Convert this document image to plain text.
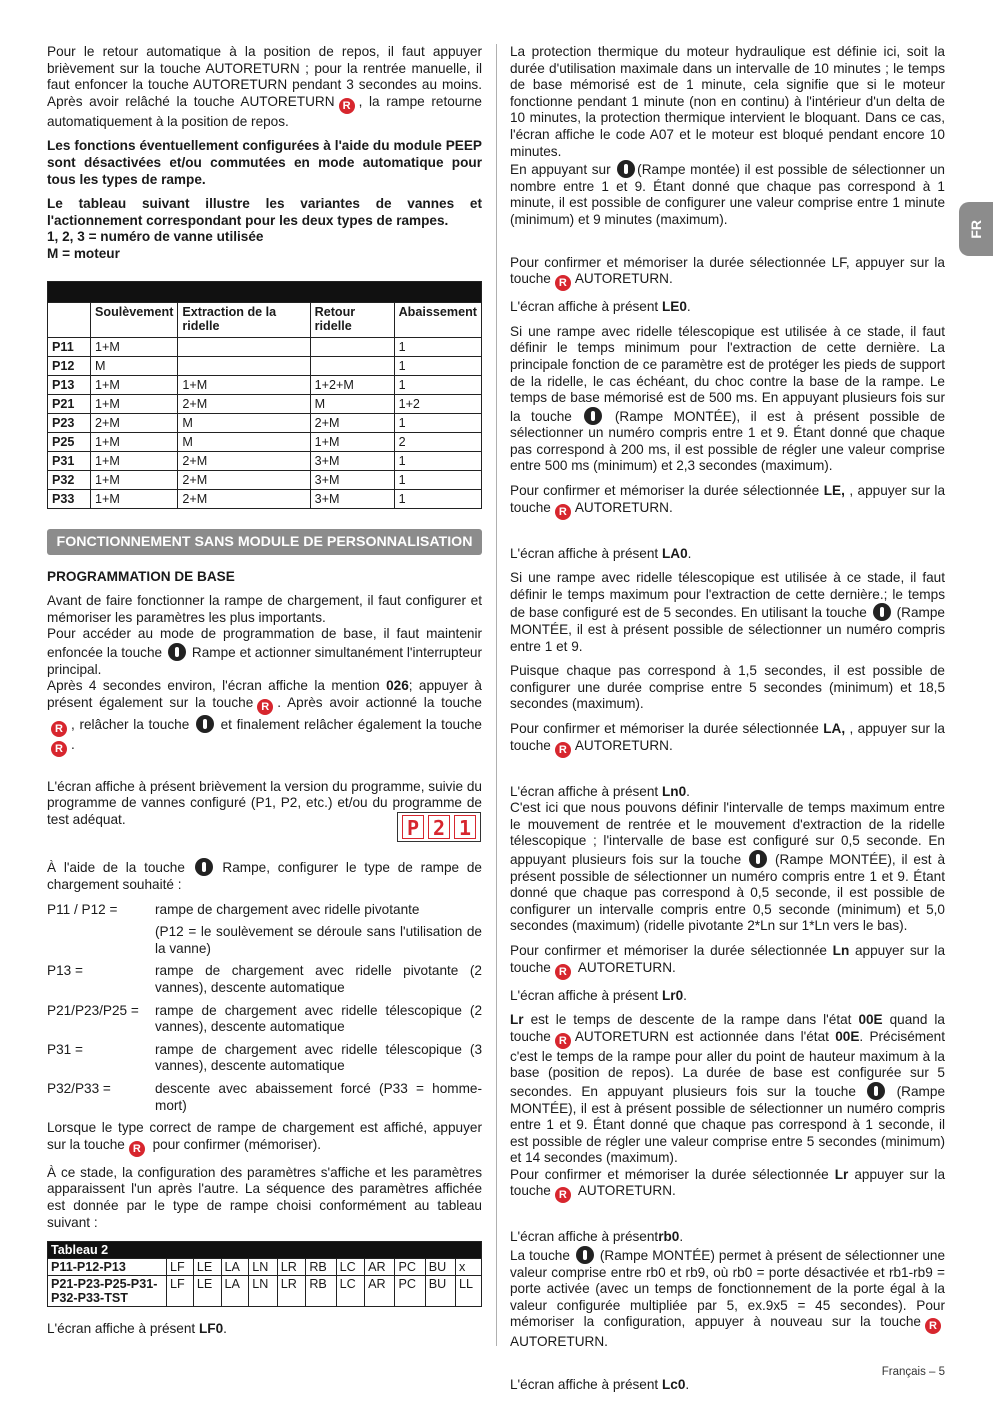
FR

Pour le retour automatique à la position de repos, il faut appuyer brièvement sur la touche AUTORETURN ; pour la rentrée manuelle, il faut enfoncer la touche AUTORETURN pendant 3 secondes au moins. Après avoir relâché la touche AUTORETURN R , la rampe retourne automatiquement à la position de repos.

Les fonctions éventuellement configurées à l'aide du module PEEP sont désactivées et/ou commutées en mode automatique pour tous les types de rampe.

Le tableau suivant illustre les variantes de vannes et l'actionnement correspondant pour les deux types de rampes.
1, 2, 3 = numéro de vanne utilisée
M = moteur

	Soulèvement	Extraction de la ridelle	Retour ridelle	Abaissement
P11	1+M			1
P12	M			1
P13	1+M	1+M	1+2+M	1
P21	1+M	2+M	M	1+2
P23	2+M	M	2+M	1
P25	1+M	M	1+M	2
P31	1+M	2+M	3+M	1
P32	1+M	2+M	3+M	1
P33	1+M	2+M	3+M	1
FONCTIONNEMENT SANS MODULE DE PERSONNALISATION
PROGRAMMATION DE BASE

Avant de faire fonctionner la rampe de chargement, il faut configurer et mémoriser les paramètres les plus importants.

Pour accéder au mode de programmation de base, il faut maintenir enfoncée la touche Rampe et actionner simultanément l'interrupteur principal.

Après 4 secondes environ, l'écran affiche la mention 026; appuyer à présent également sur la touche R . Après avoir actionné la touche R , relâcher la touche et finalement relâcher également la toucheR .

L'écran affiche à présent brièvement la version du programme, suivie du programme de vannes configuré (P1, P2, etc.) et/ou du programme de test adéquat.

À l'aide de la touche	Rampe, configurer le type de rampe de chargement souhaité :

P11 / P12 =	rampe de chargement avec ridelle pivotante
(P12 = le soulèvement se déroule sans l'utilisation de la vanne)
P13 =	rampe de chargement avec ridelle pivotante (2 vannes), descente automatique
P21/P23/P25 =	rampe de chargement avec ridelle télescopique (2 vannes), descente automatique
P31 =	rampe de chargement avec ridelle télescopique (3 vannes), descente automatique
P32/P33 =	descente avec abaissement forcé (P33 = homme-mort)

Lorsque le type correct de rampe de chargement est affiché, appuyer sur la touche R pour confirmer (mémoriser).

À ce stade, la configuration des paramètres s'affiche et les paramètres apparaissent l'un après l'autre. La séquence des paramètres affichée est donnée par le type de rampe choisi conformément au tableau suivant :

Tableau 2											
P11-P12-P13	LF	LE	LA	LN	LR	RB	LC	AR	PC	BU	x
P21-P23-P25-P31-P32-P33-TST	LF	LE	LA	LN	LR	RB	LC	AR	PC	BU	LL

L'écran affiche à présent LF0.

P 2 1

La protection thermique du moteur hydraulique est définie ici, soit la durée d'utilisation maximale dans un intervalle de 10 minutes ; le temps de base mémorisé est de 1 minute, cela signifie que si le moteur fonctionne pendant 1 minute (non en continu) à l'intérieur d'un delta de 10 minutes, la protection thermique intervient le bloquant. Dans ce cas, l'écran affiche le code A07 et le moteur est bloqué pendant encore 10 minutes.

En appuyant sur (Rampe montée) il est possible de sélectionner un nombre entre 1 et 9. Étant donné que chaque pas correspond à 1 minute, il est possible de configurer une valeur comprise entre 1 minute (minimum) et 9 minutes (maximum).

Pour confirmer et mémoriser la durée sélectionnée LF, appuyer sur la touche R AUTORETURN.

L'écran affiche à présent LE0.

Si une rampe avec ridelle télescopique est utilisée à ce stade, il faut définir le temps minimum pour l'extraction de cette dernière. La principale fonction de ce paramètre est de protéger les pieds de support de la ridelle, le cas échéant, du choc contre la base de la rampe. Le temps de base mémorisé est de 500 ms. En appuyant plusieurs fois sur la touche	(Rampe MONTÉE), il est à présent possible de sélectionner un numéro compris entre 1 et 9. Étant donné que chaque pas correspond à 200 ms, il est possible de régler une valeur comprise entre 500 ms (minimum) et 2,3 secondes (maximum).

Pour confirmer et mémoriser la durée sélectionnée LE, , appuyer sur la touche R AUTORETURN.

L'écran affiche à présent LA0.

Si une rampe avec ridelle télescopique est utilisée à ce stade, il faut définir le temps maximum pour l'extraction de cette dernière.; le temps de base configuré est de 5 secondes. En utilisant la touche (Rampe MONTÉE, il est à présent possible de sélectionner un numéro compris entre 1 et 9.

Puisque chaque pas correspond à 1,5 secondes, il est possible de configurer une durée comprise entre 5 secondes (minimum) et 18,5 secondes (maximum).

Pour confirmer et mémoriser la durée sélectionnée LA, , appuyer sur la touche R AUTORETURN.

L'écran affiche à présent Ln0.

C'est ici que nous pouvons définir l'intervalle de temps maximum entre le mouvement de rentrée et le mouvement d'extraction de la ridelle télescopique ; l'intervalle de base est configuré sur 0,5 seconde. En appuyant plusieurs fois sur la touche (Rampe MONTÉE), il est à présent possible de sélectionner un numéro compris entre 1 et 9. Étant donné que chaque pas correspond à 0,5 seconde, il est possible de configurer un intervalle compris entre 0,5 seconde (minimum) et 5,0 secondes (maximum) (ridelle pivotante 2*Ln sur 1*Ln vers le bas).

Pour confirmer et mémoriser la durée sélectionnée Ln appuyer sur la touche R AUTORETURN.

L'écran affiche à présent Lr0.

Lr est le temps de descente de la rampe dans l'état 00E quand la touche R AUTORETURN est actionnée dans l'état 00E. Précisément c'est le temps de la rampe pour aller du point de hauteur maximum à la base (position de repos). La durée de base est configurée sur 5 secondes. En appuyant plusieurs fois sur la touche	(Rampe MONTÉE), il est à présent possible de sélectionner un numéro compris entre 1 et 9. Étant donné que chaque pas correspond à 1 seconde, il est possible de régler une valeur comprise entre 5 secondes (minimum) et 14 secondes (maximum).

Pour confirmer et mémoriser la durée sélectionnée Lr appuyer sur la touche R AUTORETURN.

L'écran affiche à présentrb0.

La touche (Rampe MONTÉE) permet à présent de sélectionner une valeur comprise entre rb0 et rb9, où rb0 = porte désactivée et rb1-rb9 = porte activée (avec un temps de fonctionnement de la porte égal à la valeur configurée multipliée par 5, ex.9x5 = 45 secondes). Pour mémoriser la configuration, appuyer à nouveau sur la touche R AUTORETURN.

L'écran affiche à présent Lc0.

Français – 5
